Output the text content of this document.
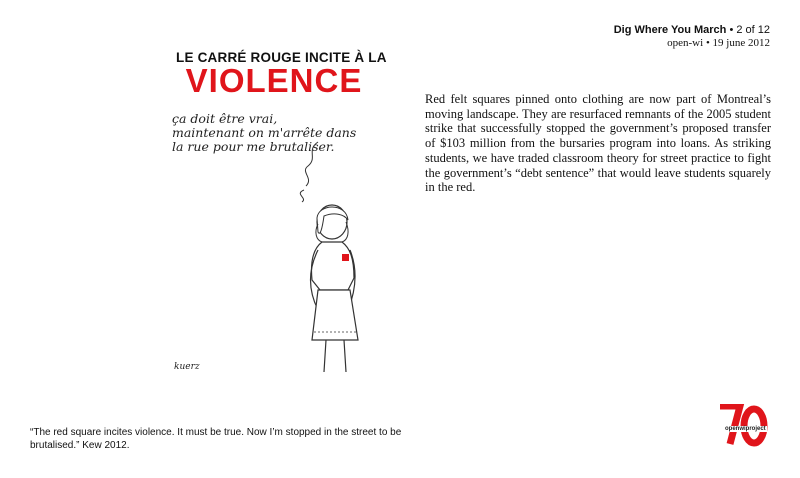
Dig Where You March • 2 of 12
open-wi • 19 june 2012
LE CARRÉ ROUGE INCITE À LA
VIOLENCE
ça doit être vrai,
maintenant on m'arrête dans
la rue pour me brutaliser.
kuerz
Red felt squares pinned onto clothing are now part of Montreal’s moving landscape. They are resurfaced remnants of the 2005 student strike that successfully stopped the government’s proposed transfer of $103 million from the bursaries program into loans. As striking students, we have traded classroom theory for street practice to fight the government’s “debt sentence” that would leave students squarely in the red.
“The red square incites violence. It must be true. Now I’m stopped in the street to be brutalised.” Kew 2012.
openwiproject
